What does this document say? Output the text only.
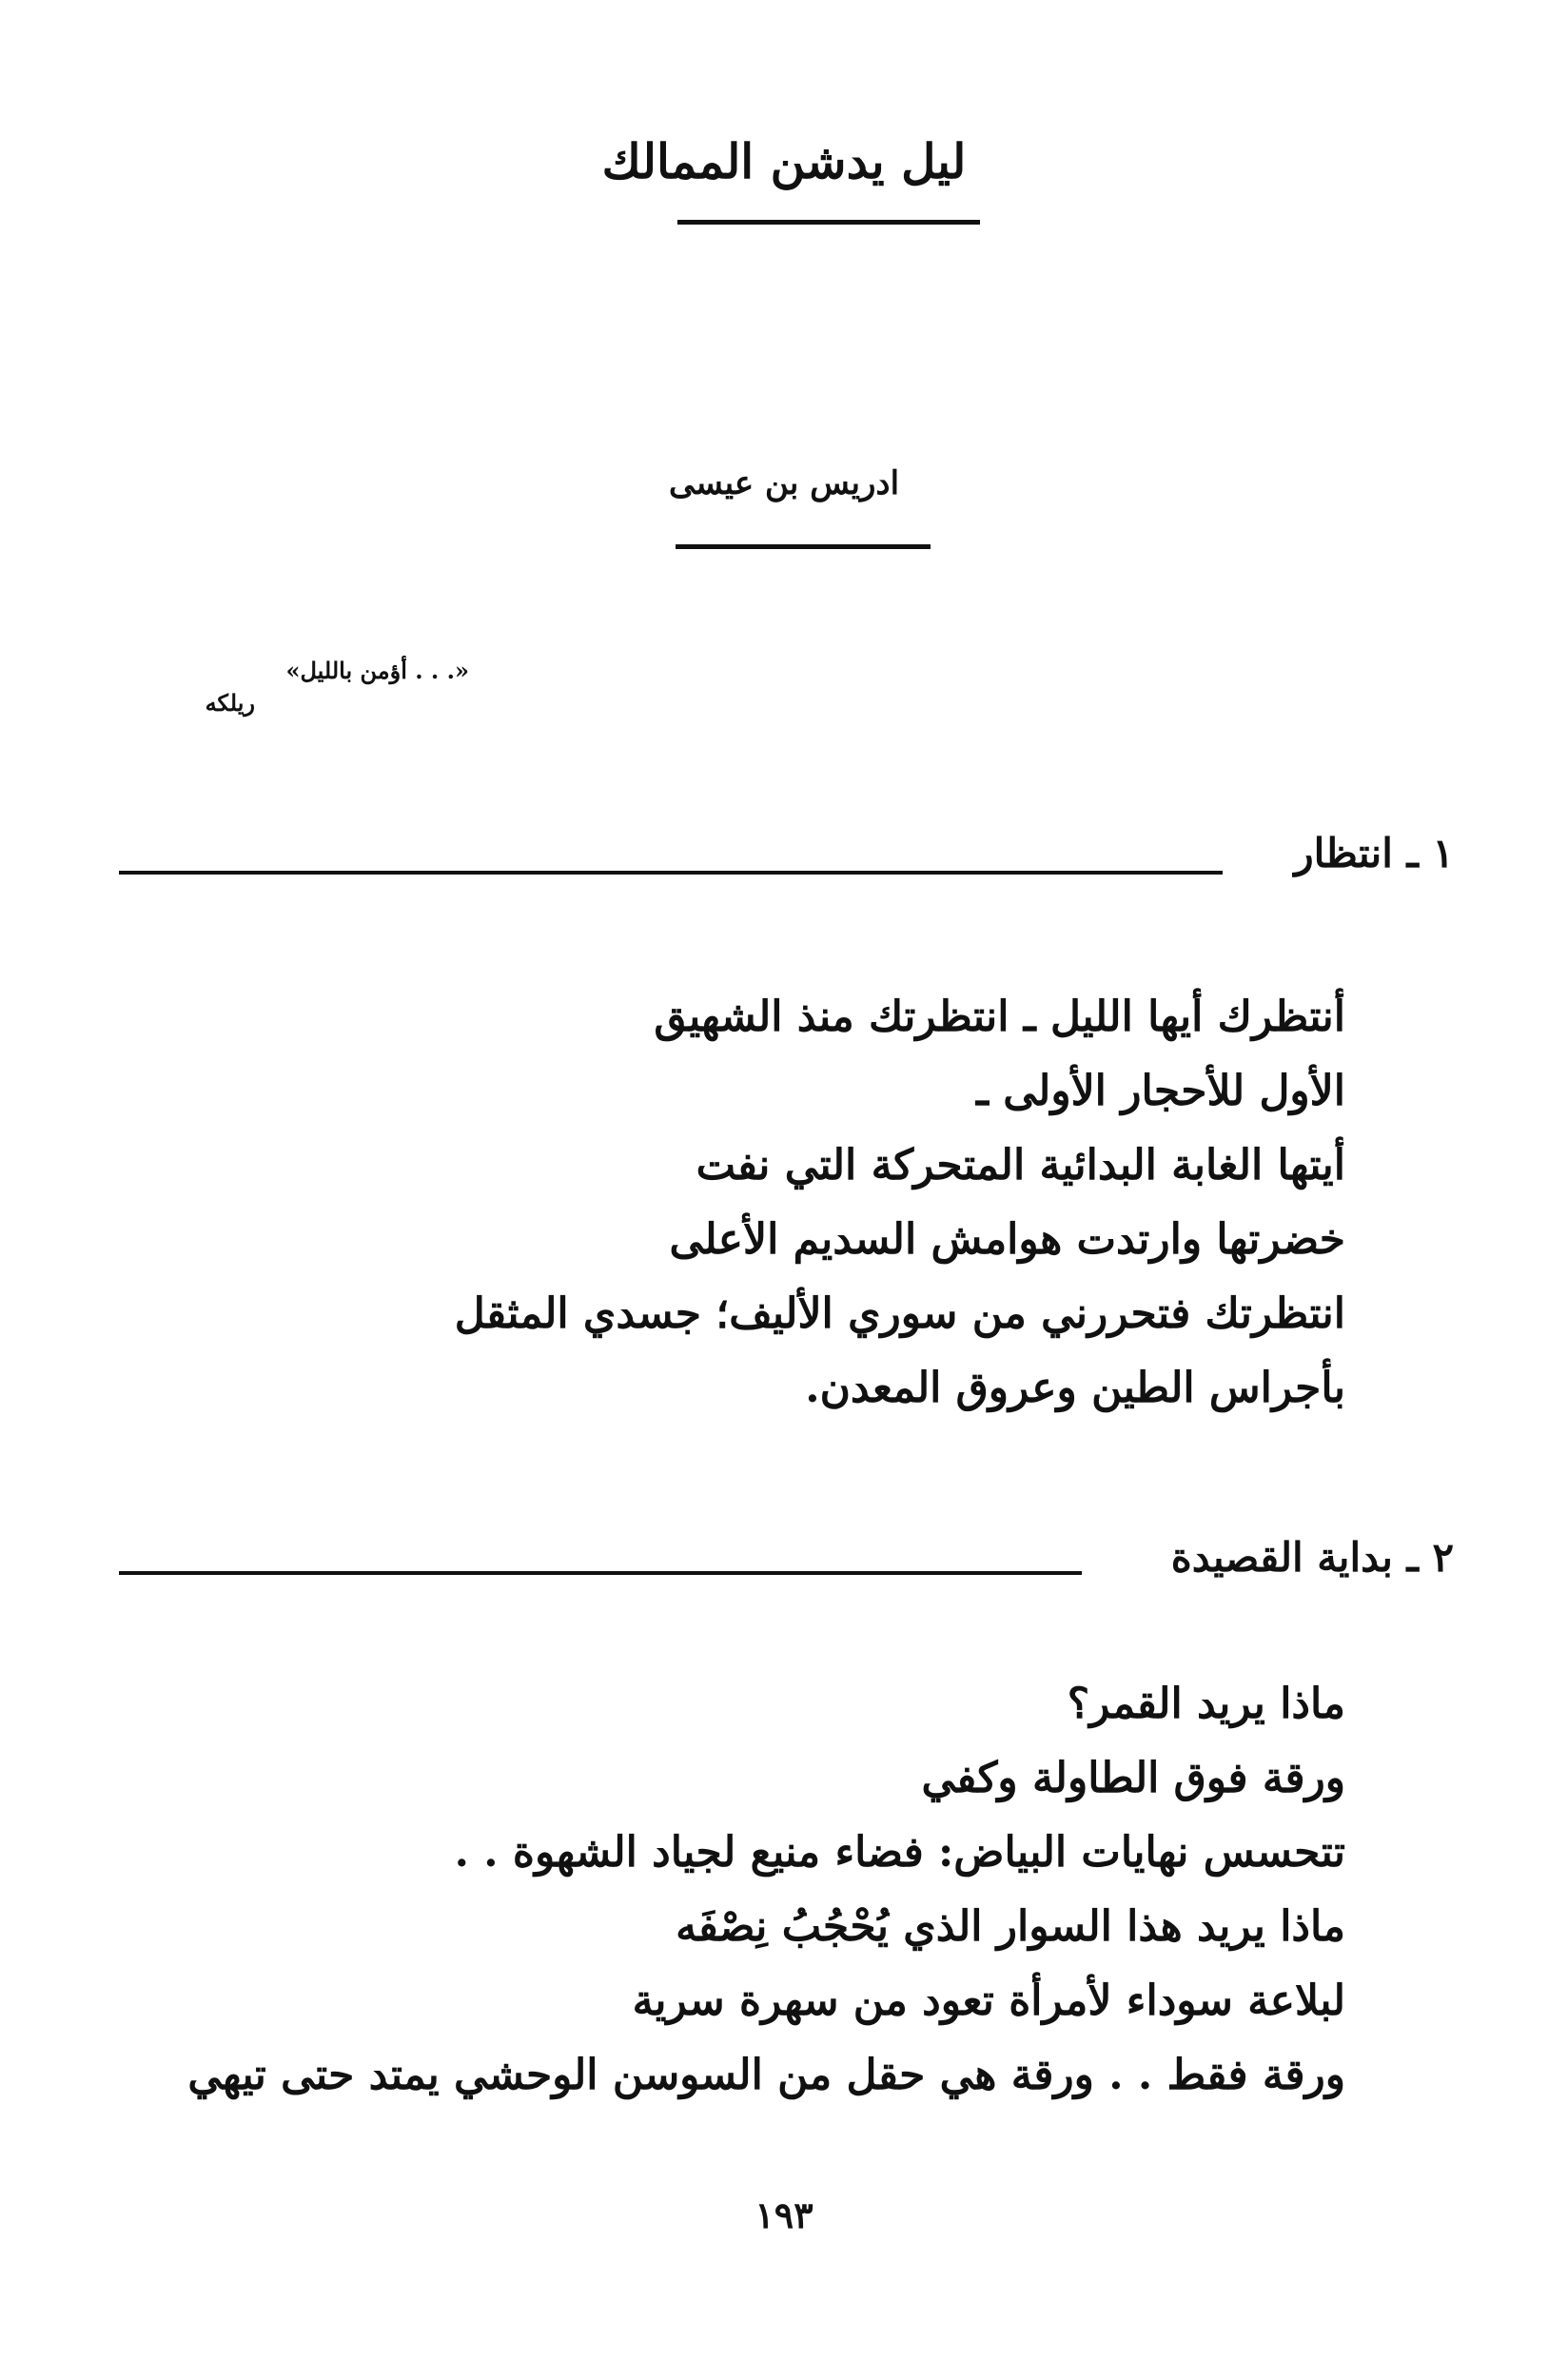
ليل يدشن الممالك
ادريس بن عيسى
«. . . أؤمن بالليل»
ريلكه
١ ـ انتظار
أنتظرك أيها الليل ـ انتظرتك منذ الشهيق
الأول للأحجار الأولى ـ
أيتها الغابة البدائية المتحركة التي نفت
خضرتها وارتدت هوامش السديم الأعلى
انتظرتك فتحررني من سوري الأليف؛ جسدي المثقل
بأجراس الطين وعروق المعدن.
٢ ـ بداية القصيدة
ماذا يريد القمر؟
ورقة فوق الطاولة وكفي
تتحسس نهايات البياض: فضاء منيع لجياد الشهوة . .
ماذا يريد هذا السوار الذي يُحْجُبُ نِصْفَه
لبلاعة سوداء لأمرأة تعود من سهرة سرية
ورقة فقط . . ورقة هي حقل من السوسن الوحشي يمتد حتى تيهي
١٩٣
